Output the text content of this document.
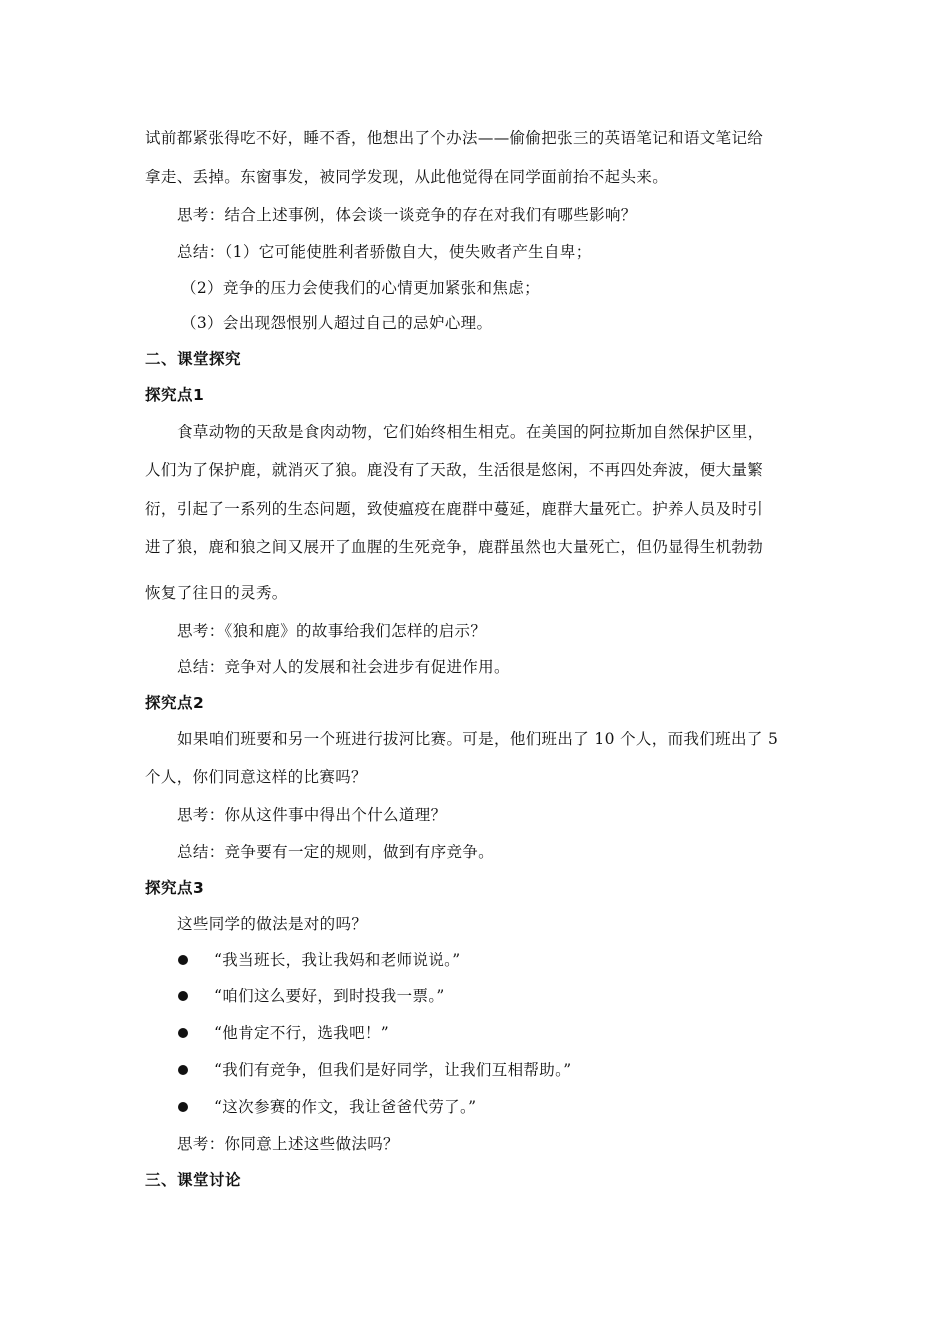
试前都紧张得吃不好，睡不香，他想出了个办法——偷偷把张三的英语笔记和语文笔记给
拿走、丢掉。东窗事发，被同学发现，从此他觉得在同学面前抬不起头来。
思考：结合上述事例，体会谈一谈竞争的存在对我们有哪些影响？
总结：（1）它可能使胜利者骄傲自大，使失败者产生自卑；
（2）竞争的压力会使我们的心情更加紧张和焦虑；
（3）会出现怨恨别人超过自己的忌妒心理。
二、课堂探究
探究点1
食草动物的天敌是食肉动物，它们始终相生相克。在美国的阿拉斯加自然保护区里，
人们为了保护鹿，就消灭了狼。鹿没有了天敌，生活很是悠闲，不再四处奔波，便大量繁
衍，引起了一系列的生态问题，致使瘟疫在鹿群中蔓延，鹿群大量死亡。护养人员及时引
进了狼，鹿和狼之间又展开了血腥的生死竞争，鹿群虽然也大量死亡，但仍显得生机勃勃
恢复了往日的灵秀。
思考：《狼和鹿》的故事给我们怎样的启示？
总结：竞争对人的发展和社会进步有促进作用。
探究点2
如果咱们班要和另一个班进行拔河比赛。可是，他们班出了 10 个人，而我们班出了 5
个人，你们同意这样的比赛吗？
思考：你从这件事中得出个什么道理？
总结：竞争要有一定的规则，做到有序竞争。
探究点3
这些同学的做法是对的吗？
“我当班长，我让我妈和老师说说。”
“咱们这么要好，到时投我一票。”
“他肯定不行，选我吧！”
“我们有竞争，但我们是好同学，让我们互相帮助。”
“这次参赛的作文，我让爸爸代劳了。”
思考：你同意上述这些做法吗？
三、课堂讨论
